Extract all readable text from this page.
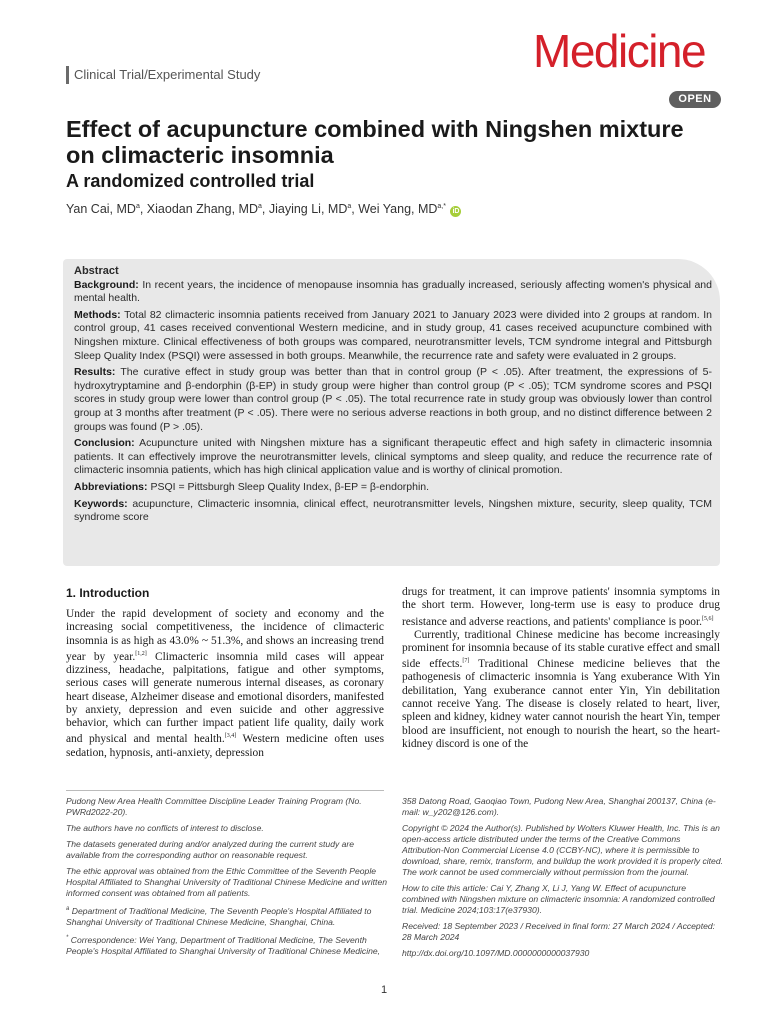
Clinical Trial/Experimental Study	Medicine
OPEN
Effect of acupuncture combined with Ningshen mixture on climacteric insomnia
A randomized controlled trial
Yan Cai, $MD^a$, Xiaodan Zhang, $MD^a$, Jiaying Li, $MD^a$, Wei Yang, $MD^{a,*}$ iD

Abstract

Background: In recent years, the incidence of menopause insomnia has gradually increased, seriously affecting women's physical and mental health.

Methods: Total 82 climacteric insomnia patients received from January 2021 to January 2023 were divided into 2 groups at random. In control group, 41 cases received conventional Western medicine, and in study group, 41 cases received acupuncture combined with Ningshen mixture. Clinical effectiveness of both groups was compared, neurotransmitter levels, TCM syndrome integral and Pittsburgh Sleep Quality Index (PSQI) were assessed in both groups. Meanwhile, the recurrence rate and safety were evaluated in 2 groups.

Results: The curative effect in study group was better than that in control group (P < .05). After treatment, the expressions of 5-hydroxytryptamine and β-endorphin (β-EP) in study group were higher than control group (P < .05); TCM syndrome scores and PSQI scores in study group were lower than control group (P < .05). The total recurrence rate in study group was obviously lower than control group at 3 months after treatment (P < .05). There were no serious adverse reactions in both group, and no distinct difference between 2 groups was found (P > .05).

Conclusion: Acupuncture united with Ningshen mixture has a significant therapeutic effect and high safety in climacteric insomnia patients. It can effectively improve the neurotransmitter levels, clinical symptoms and sleep quality, and reduce the recurrence rate of climacteric insomnia patients, which has high clinical application value and is worthy of clinical promotion.

Abbreviations: PSQI = Pittsburgh Sleep Quality Index, β-EP = β-endorphin.

Keywords: acupuncture, Climacteric insomnia, clinical effect, neurotransmitter levels, Ningshen mixture, security, sleep quality, TCM syndrome score

1. Introduction

Under the rapid development of society and economy and the increasing social competitiveness, the incidence of climacteric insomnia is as high as 43.0% ~ 51.3%, and shows an increasing trend year by year.[1,2] Climacteric insomnia mild cases will appear dizziness, headache, palpitations, fatigue and other symptoms, serious cases will generate numerous internal diseases, as coronary heart disease, Alzheimer disease and emotional disorders, manifested by anxiety, depression and even suicide and other aggressive behavior, which can further impact patient life quality, daily work and physical and mental health.[3,4] Western medicine often uses sedation, hypnosis, anti-anxiety, depression

drugs for treatment, it can improve patients' insomnia symptoms in the short term. However, long-term use is easy to produce drug resistance and adverse reactions, and patients' compliance is poor.[5,6]

Currently, traditional Chinese medicine has become increasingly prominent for insomnia because of its stable curative effect and small side effects.[7] Traditional Chinese medicine believes that the pathogenesis of climacteric insomnia is Yang exuberance With Yin debilitation, Yang exuberance cannot enter Yin, Yin debilitation cannot receive Yang. The disease is closely related to heart, liver, spleen and kidney, kidney water cannot nourish the heart Yin, temper blood are insufficient, not enough to nourish the heart, so the heart-kidney discord is one of the

Pudong New Area Health Committee Discipline Leader Training Program (No. PWRd2022-20).

The authors have no conflicts of interest to disclose.

The datasets generated during and/or analyzed during the current study are available from the corresponding author on reasonable request.

The ethic approval was obtained from the Ethic Committee of the Seventh People Hospital Affiliated to Shanghai University of Traditional Chinese Medicine and written informed consent was obtained from all patients.

$^a$ Department of Traditional Medicine, The Seventh People's Hospital Affiliated to Shanghai University of Traditional Chinese Medicine, Shanghai, China.

* Correspondence: Wei Yang, Department of Traditional Medicine, The Seventh People's Hospital Affiliated to Shanghai University of Traditional Chinese Medicine,

358 Datong Road, Gaoqiao Town, Pudong New Area, Shanghai 200137, China (e-mail: w_y202@126.com).

Copyright © 2024 the Author(s). Published by Wolters Kluwer Health, Inc. This is an open-access article distributed under the terms of the Creative Commons Attribution-Non Commercial License 4.0 (CCBY-NC), where it is permissible to download, share, remix, transform, and buildup the work provided it is properly cited. The work cannot be used commercially without permission from the journal.

How to cite this article: Cai Y, Zhang X, Li J, Yang W. Effect of acupuncture combined with Ningshen mixture on climacteric insomnia: A randomized controlled trial. Medicine 2024;103:17(e37930).

Received: 18 September 2023 / Received in final form: 27 March 2024 / Accepted: 28 March 2024

http://dx.doi.org/10.1097/MD.0000000000037930

1
